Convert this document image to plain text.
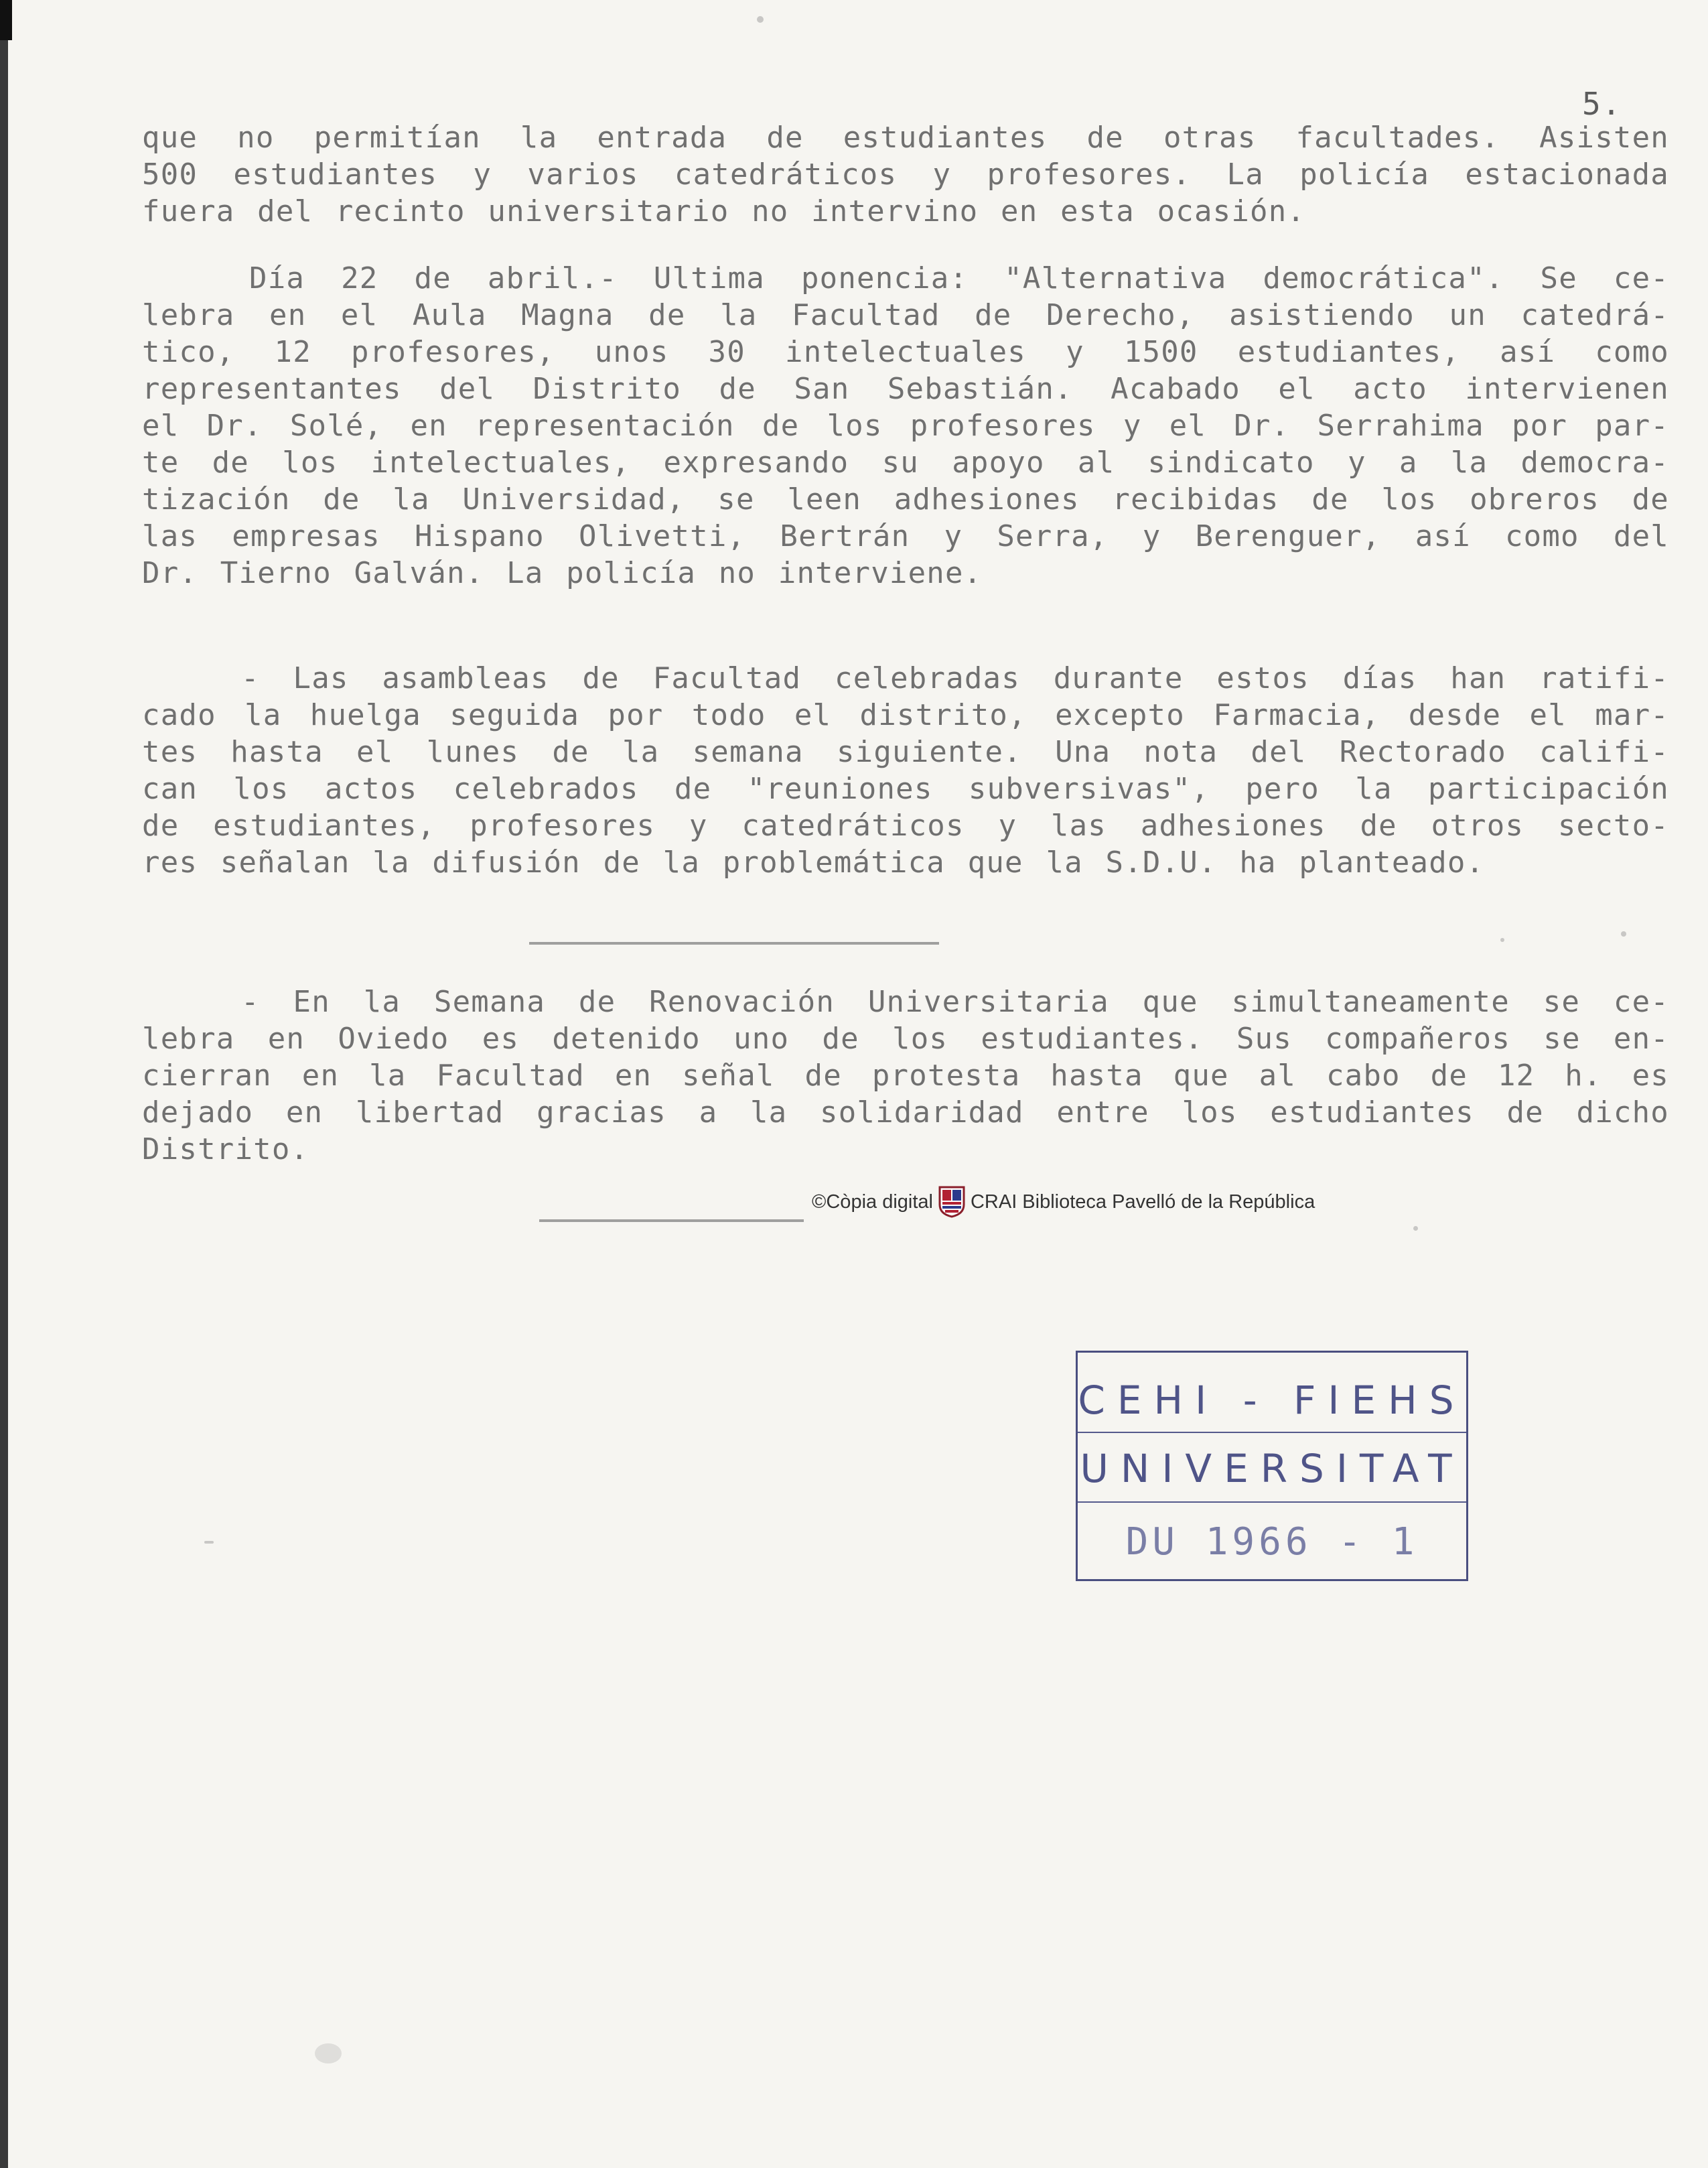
5.
que no permitían la entrada de estudiantes de otras facultades. Asisten
500 estudiantes y varios catedráticos y profesores. La policía estacionada
fuera del recinto universitario no intervino en esta ocasión.
Día 22 de abril.- Ultima ponencia: "Alternativa democrática". Se ce-
lebra en el Aula Magna de la Facultad de Derecho, asistiendo un catedrá-
tico, 12 profesores, unos 30 intelectuales y 1500 estudiantes, así como
representantes del Distrito de San Sebastián. Acabado el acto intervienen
el Dr. Solé, en representación de los profesores y el Dr. Serrahima por par-
te de los intelectuales, expresando su apoyo al sindicato y a la democra-
tización de la Universidad, se leen adhesiones recibidas de los obreros de
las empresas Hispano Olivetti, Bertrán y Serra, y Berenguer, así como del
Dr. Tierno Galván. La policía no interviene.
- Las asambleas de Facultad celebradas durante estos días han ratifi-
cado la huelga seguida por todo el distrito, excepto Farmacia, desde el mar-
tes hasta el lunes de la semana siguiente. Una nota del Rectorado califi-
can los actos celebrados de "reuniones subversivas", pero la participación
de estudiantes, profesores y catedráticos y las adhesiones de otros secto-
res señalan la difusión de la problemática que la S.D.U. ha planteado.
- En la Semana de Renovación Universitaria que simultaneamente se ce-
lebra en Oviedo es detenido uno de los estudiantes. Sus compañeros se en-
cierran en la Facultad en señal de protesta hasta que al cabo de 12 h. es
dejado en libertad gracias a la solidaridad entre los estudiantes de dicho
Distrito.
©Còpia digital CRAI Biblioteca Pavelló de la República
CEHI - FIEHS
UNIVERSITAT
DU 1966 - 1
